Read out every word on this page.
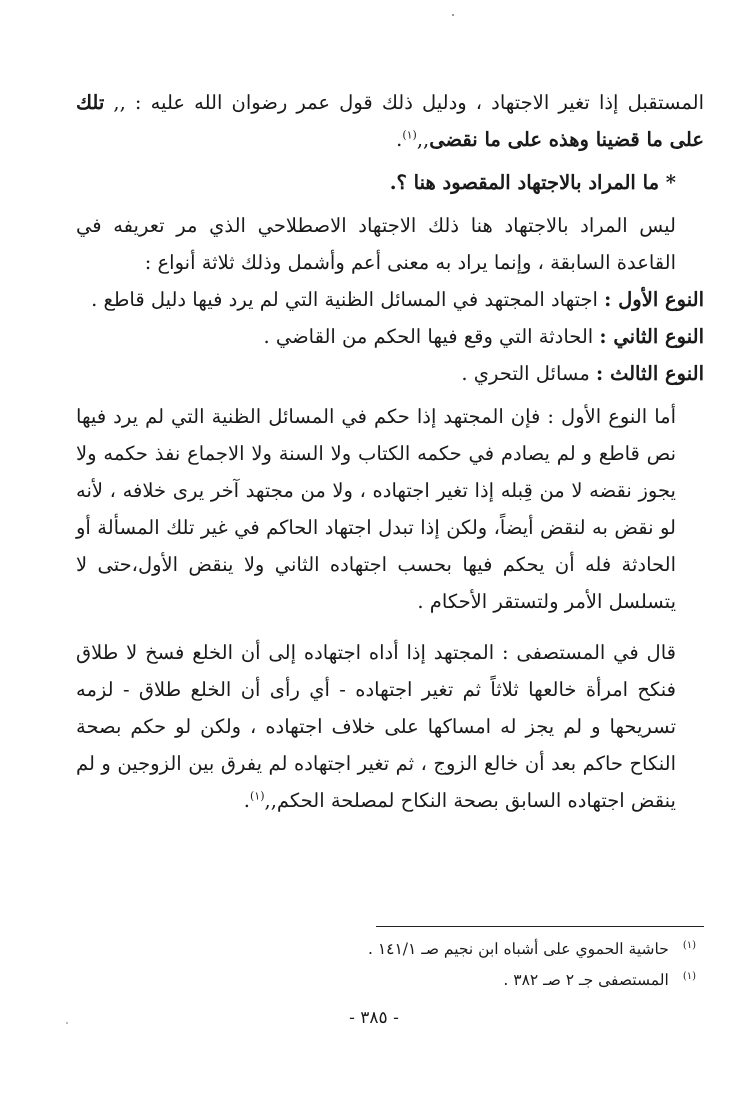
المستقبل إذا تغير الاجتهاد ، ودليل ذلك قول عمر رضوان الله عليه : ,, تلك على ما قضينا وهذه على ما نقضى,,$^{(١)}$.

* ما المراد بالاجتهاد المقصود هنا ؟.

ليس المراد بالاجتهاد هنا ذلك الاجتهاد الاصطلاحي الذي مر تعريفه في القاعدة السابقة ، وإنما يراد به معنى أعم وأشمل وذلك ثلاثة أنواع :

النوع الأول : اجتهاد المجتهد في المسائل الظنية التي لم يرد فيها دليل قاطع .

النوع الثاني : الحادثة التي وقع فيها الحكم من القاضي .

النوع الثالث : مسائل التحري .

أما النوع الأول : فإن المجتهد إذا حكم في المسائل الظنية التي لم يرد فيها نص قاطع و لم يصادم في حكمه الكتاب ولا السنة ولا الاجماع نفذ حكمه ولا يجوز نقضه لا من قِبله إذا تغير اجتهاده ، ولا من مجتهد آخر يرى خلافه ، لأنه لو نقض به لنقض أيضاً، ولكن إذا تبدل اجتهاد الحاكم في غير تلك المسألة أو الحادثة فله أن يحكم فيها بحسب اجتهاده الثاني ولا ينقض الأول،حتى لا يتسلسل الأمر ولتستقر الأحكام .

قال في المستصفى : المجتهد إذا أداه اجتهاده إلى أن الخلع فسخ لا طلاق فنكح امرأة خالعها ثلاثاً ثم تغير اجتهاده - أي رأى أن الخلع طلاق - لزمه تسريحها و لم يجز له امساكها على خلاف اجتهاده ، ولكن لو حكم بصحة النكاح حاكم بعد أن خالع الزوج ، ثم تغير اجتهاده لم يفرق بين الزوجين و لم ينقض اجتهاده السابق بصحة النكاح لمصلحة الحكم,,$^{(١)}$.

$^{(١)}$حاشية الحموي على أشباه ابن نجيم صـ ١٤١/١ .
$^{(١)}$المستصفى جـ ٢ صـ ٣٨٢ .
- ٣٨٥ -
